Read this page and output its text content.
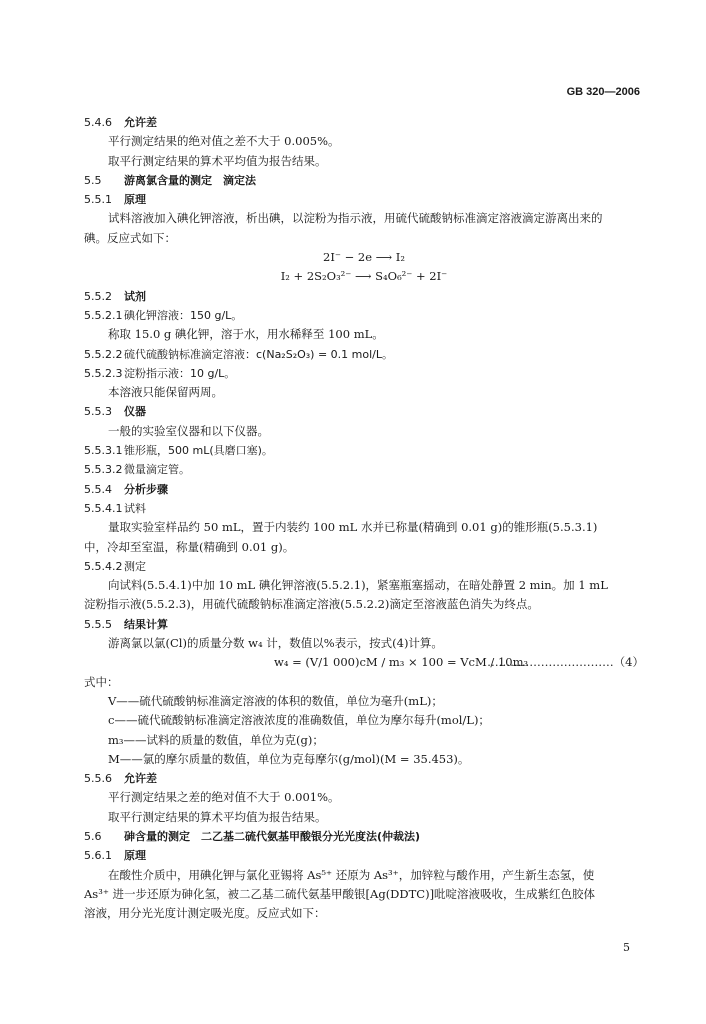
GB 320—2006
5.4.6 允许差
平行测定结果的绝对值之差不大于 0.005%。
取平行测定结果的算术平均值为报告结果。
5.5 游离氯含量的测定　滴定法
5.5.1 原理
试料溶液加入碘化钾溶液，析出碘，以淀粉为指示液，用硫代硫酸钠标准滴定溶液滴定游离出来的
碘。反应式如下：
2I⁻ − 2e ⟶ I₂
I₂ + 2S₂O₃²⁻ ⟶ S₄O₆²⁻ + 2I⁻
5.5.2 试剂
5.5.2.1 碘化钾溶液：150 g/L。
称取 15.0 g 碘化钾，溶于水，用水稀释至 100 mL。
5.5.2.2 硫代硫酸钠标准滴定溶液：c(Na₂S₂O₃) = 0.1 mol/L。
5.5.2.3 淀粉指示液：10 g/L。
本溶液只能保留两周。
5.5.3 仪器
一般的实验室仪器和以下仪器。
5.5.3.1 锥形瓶，500 mL(具磨口塞)。
5.5.3.2 微量滴定管。
5.5.4 分析步骤
5.5.4.1 试料
量取实验室样品约 50 mL，置于内装约 100 mL 水并已称量(精确到 0.01 g)的锥形瓶(5.5.3.1)
中，冷却至室温，称量(精确到 0.01 g)。
5.5.4.2 测定
向试料(5.5.4.1)中加 10 mL 碘化钾溶液(5.5.2.1)，紧塞瓶塞摇动，在暗处静置 2 min。加 1 mL
淀粉指示液(5.5.2.3)，用硫代硫酸钠标准滴定溶液(5.5.2.2)滴定至溶液蓝色消失为终点。
5.5.5 结果计算
游离氯以氯(Cl)的质量分数 w₄ 计，数值以%表示，按式(4)计算。
w₄ = (V/1 000)cM / m₃ × 100 = VcM / 10m₃
……………………………（4）
式中：
V——硫代硫酸钠标准滴定溶液的体积的数值，单位为毫升(mL)；
c——硫代硫酸钠标准滴定溶液浓度的准确数值，单位为摩尔每升(mol/L)；
m₃——试料的质量的数值，单位为克(g)；
M——氯的摩尔质量的数值，单位为克每摩尔(g/mol)(M = 35.453)。
5.5.6 允许差
平行测定结果之差的绝对值不大于 0.001%。
取平行测定结果的算术平均值为报告结果。
5.6 砷含量的测定　二乙基二硫代氨基甲酸银分光光度法(仲裁法)
5.6.1 原理
在酸性介质中，用碘化钾与氯化亚锡将 As⁵⁺ 还原为 As³⁺，加锌粒与酸作用，产生新生态氢，使
As³⁺ 进一步还原为砷化氢，被二乙基二硫代氨基甲酸银[Ag(DDTC)]吡啶溶液吸收，生成紫红色胶体
溶液，用分光光度计测定吸光度。反应式如下：
5
